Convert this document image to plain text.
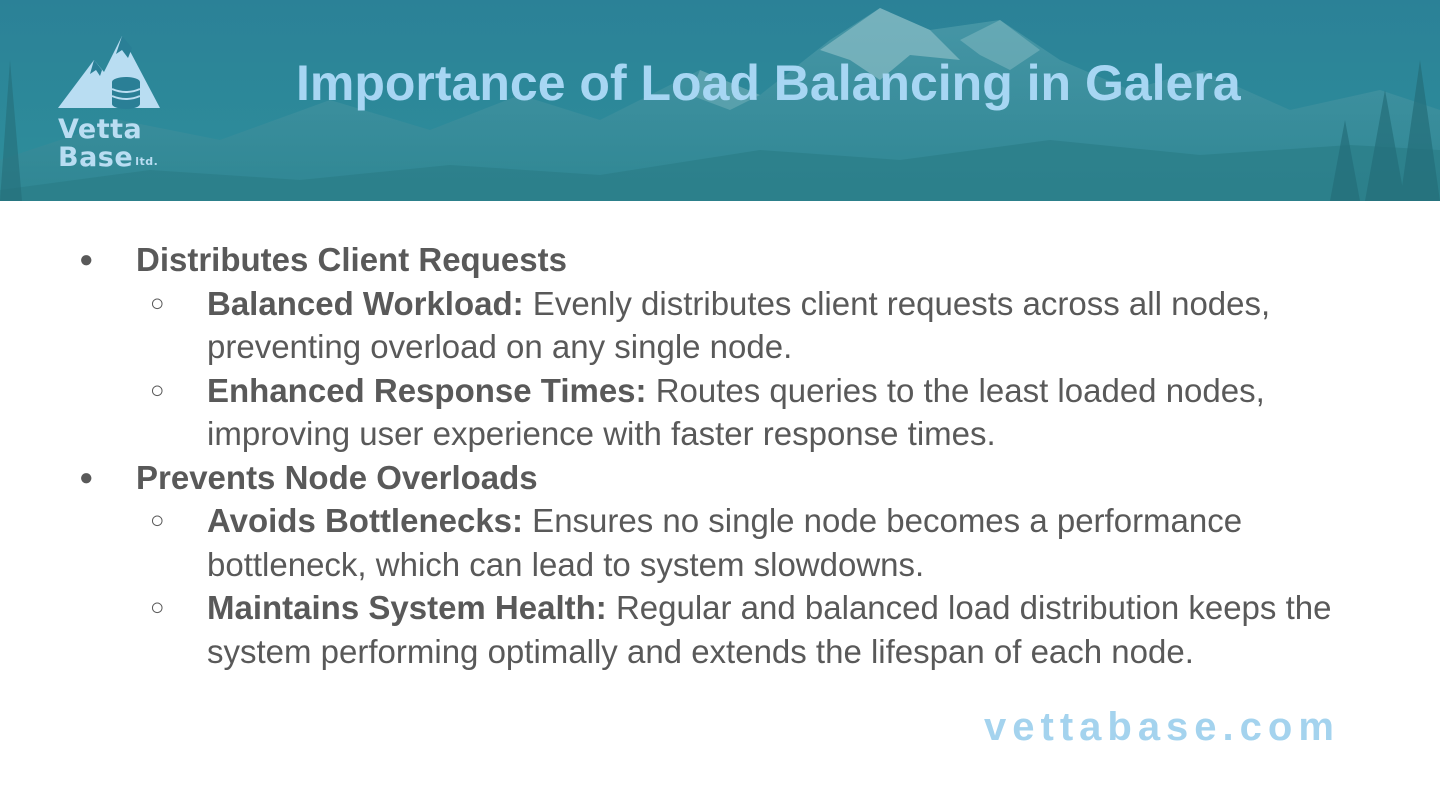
Vetta
Base $^{ltd.}$
Importance of Load Balancing in Galera
● Distributes Client Requests
○ Balanced Workload: Evenly distributes client requests across all nodes, preventing overload on any single node.
○ Enhanced Response Times: Routes queries to the least loaded nodes, improving user experience with faster response times.
● Prevents Node Overloads
○ Avoids Bottlenecks: Ensures no single node becomes a performance bottleneck, which can lead to system slowdowns.
○ Maintains System Health: Regular and balanced load distribution keeps the system performing optimally and extends the lifespan of each node.
vettabase.com
